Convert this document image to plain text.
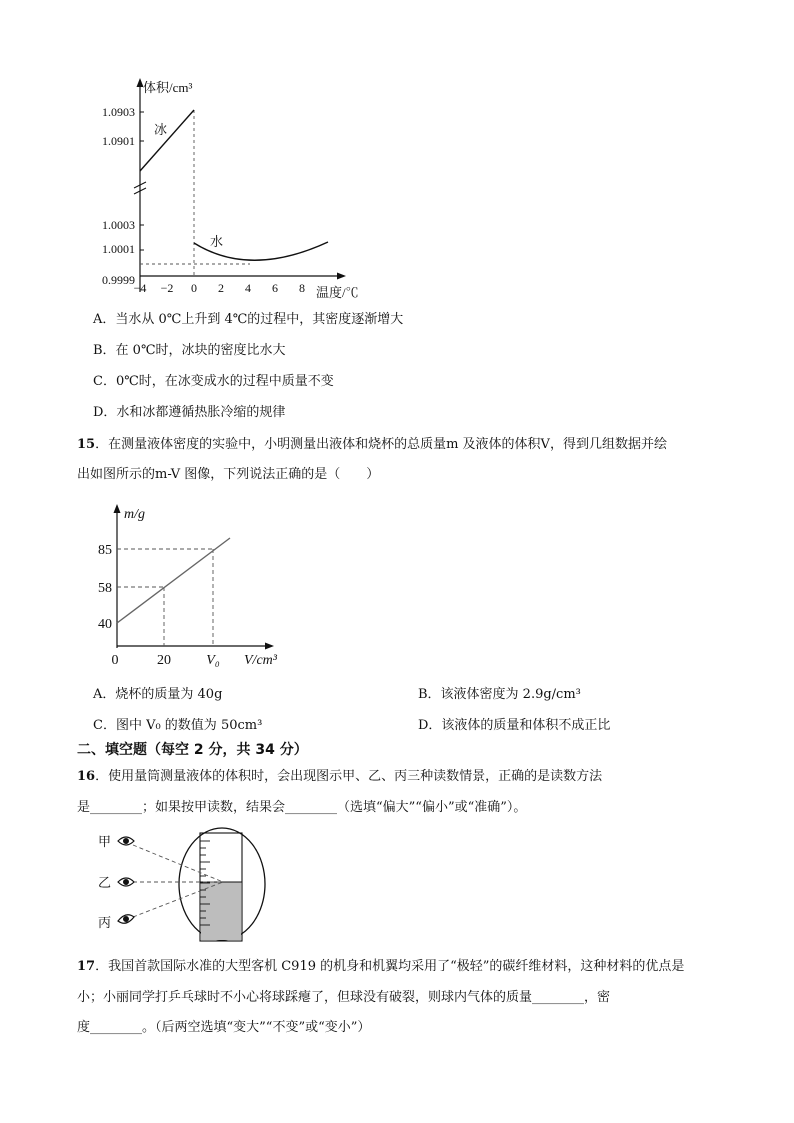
体积/cm³
温度/℃
冰
水
1.0903
1.0901
1.0003
1.0001
0.9999
−4 −2 0 2 4 6 8
A．当水从 0℃上升到 4℃的过程中，其密度逐渐增大
B．在 0℃时，冰块的密度比水大
C．0℃时，在冰变成水的过程中质量不变
D．水和冰都遵循热胀冷缩的规律
15．在测量液体密度的实验中，小明测量出液体和烧杯的总质量m 及液体的体积V，得到几组数据并绘
出如图所示的m-V 图像，下列说法正确的是（　　）
m/g
V/cm³
85
58
40
0	20	V₀
A．烧杯的质量为 40g	B．该液体密度为 2.9g/cm³
C．图中 V₀ 的数值为 50cm³	D．该液体的质量和体积不成正比
二、填空题（每空 2 分，共 34 分）
16．使用量筒测量液体的体积时，会出现图示甲、乙、丙三种读数情景，正确的是读数方法
是________；如果按甲读数，结果会________（选填“偏大”“偏小”或“准确”）。
甲
乙
丙
17．我国首款国际水准的大型客机 C919 的机身和机翼均采用了“极轻”的碳纤维材料，这种材料的优点是
小；小丽同学打乒乓球时不小心将球踩瘪了，但球没有破裂，则球内气体的质量________，密
度________。（后两空选填“变大”“不变”或“变小”）
